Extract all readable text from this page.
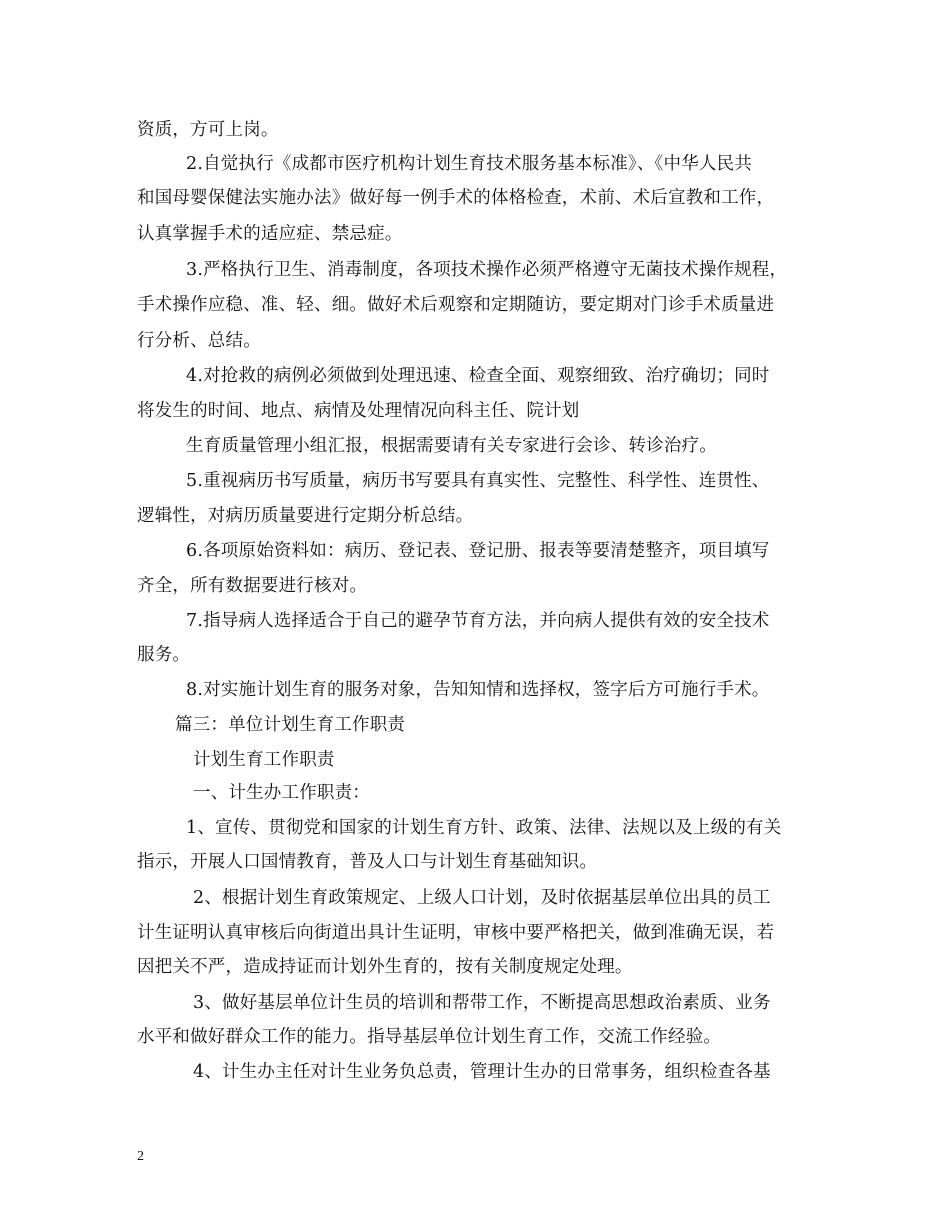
资质，方可上岗。
2.自觉执行《成都市医疗机构计划生育技术服务基本标准》、《中华人民共
和国母婴保健法实施办法》做好每一例手术的体格检查，术前、术后宣教和工作，
认真掌握手术的适应症、禁忌症。
3.严格执行卫生、消毒制度，各项技术操作必须严格遵守无菌技术操作规程，
手术操作应稳、准、轻、细。做好术后观察和定期随访，要定期对门诊手术质量进
行分析、总结。
4.对抢救的病例必须做到处理迅速、检查全面、观察细致、治疗确切；同时
将发生的时间、地点、病情及处理情况向科主任、院计划
生育质量管理小组汇报，根据需要请有关专家进行会诊、转诊治疗。
5.重视病历书写质量，病历书写要具有真实性、完整性、科学性、连贯性、
逻辑性，对病历质量要进行定期分析总结。
6.各项原始资料如：病历、登记表、登记册、报表等要清楚整齐，项目填写
齐全，所有数据要进行核对。
7.指导病人选择适合于自己的避孕节育方法，并向病人提供有效的安全技术
服务。
8.对实施计划生育的服务对象，告知知情和选择权，签字后方可施行手术。
篇三：单位计划生育工作职责
计划生育工作职责
一、计生办工作职责：
1、宣传、贯彻党和国家的计划生育方针、政策、法律、法规以及上级的有关
指示，开展人口国情教育，普及人口与计划生育基础知识。
2、根据计划生育政策规定、上级人口计划，及时依据基层单位出具的员工
计生证明认真审核后向街道出具计生证明，审核中要严格把关，做到准确无误，若
因把关不严，造成持证而计划外生育的，按有关制度规定处理。
3、做好基层单位计生员的培训和帮带工作，不断提高思想政治素质、业务
水平和做好群众工作的能力。指导基层单位计划生育工作，交流工作经验。
4、计生办主任对计生业务负总责，管理计生办的日常事务，组织检查各基
2
